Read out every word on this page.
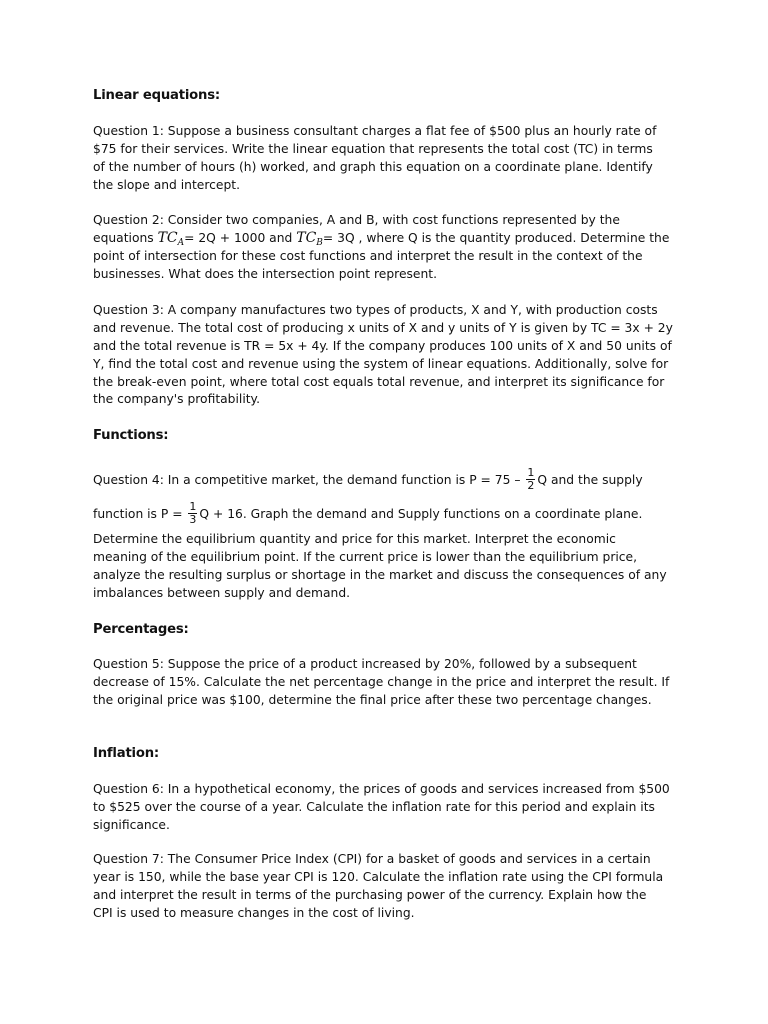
Linear equations:
Question 1: Suppose a business consultant charges a flat fee of $500 plus an hourly rate of
$75 for their services. Write the linear equation that represents the total cost (TC) in terms
of the number of hours (h) worked, and graph this equation on a coordinate plane. Identify
the slope and intercept.
Question 2: Consider two companies, A and B, with cost functions represented by the
equations $TC_A= 2Q + 1000$ and $TC_B= 3Q$ , where Q is the quantity produced. Determine the
point of intersection for these cost functions and interpret the result in the context of the
businesses. What does the intersection point represent.
Question 3: A company manufactures two types of products, X and Y, with production costs
and revenue. The total cost of producing x units of X and y units of Y is given by TC = 3x + 2y
and the total revenue is TR = 5x + 4y. If the company produces 100 units of X and 50 units of
Y, find the total cost and revenue using the system of linear equations. Additionally, solve for
the break-even point, where total cost equals total revenue, and interpret its significance for
the company's profitability.
Functions:
Question 4: In a competitive market, the demand function is $P = 75 - \frac{1}{2}$ Q and the supply
function is $P = \frac{1}{3}$ Q + 16. Graph the demand and Supply functions on a coordinate plane.
Determine the equilibrium quantity and price for this market. Interpret the economic
meaning of the equilibrium point. If the current price is lower than the equilibrium price,
analyze the resulting surplus or shortage in the market and discuss the consequences of any
imbalances between supply and demand.
Percentages:
Question 5: Suppose the price of a product increased by 20%, followed by a subsequent
decrease of 15%. Calculate the net percentage change in the price and interpret the result. If
the original price was $100, determine the final price after these two percentage changes.
Inflation:
Question 6: In a hypothetical economy, the prices of goods and services increased from $500
to $525 over the course of a year. Calculate the inflation rate for this period and explain its
significance.
Question 7: The Consumer Price Index (CPI) for a basket of goods and services in a certain
year is 150, while the base year CPI is 120. Calculate the inflation rate using the CPI formula
and interpret the result in terms of the purchasing power of the currency. Explain how the
CPI is used to measure changes in the cost of living.
